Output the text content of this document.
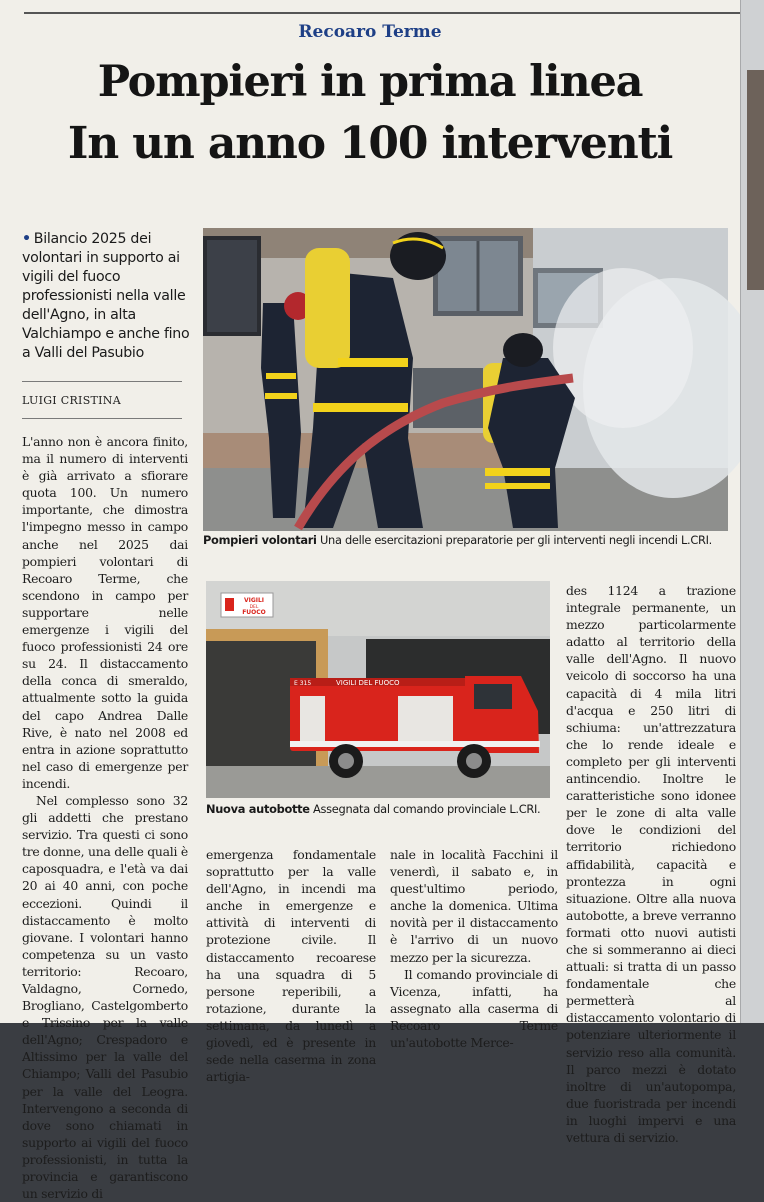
Recoaro Terme
Pompieri in prima linea
In un anno 100 interventi
• Bilancio 2025 dei volontari in supporto ai vigili del fuoco professionisti nella valle dell'Agno, in alta Valchiampo e anche fino a Valli del Pasubio
LUIGI CRISTINA

L'anno non è ancora finito, ma il numero di interventi è già arrivato a sfiorare quota 100. Un numero importante, che dimostra l'impegno messo in campo anche nel 2025 dai pompieri volontari di Recoaro Terme, che scendono in campo per supportare nelle emergenze i vigili del fuoco professionisti 24 ore su 24. Il distaccamento della conca di smeraldo, attualmente sotto la guida del capo Andrea Dalle Rive, è nato nel 2008 ed entra in azione soprattutto nel caso di emergenze per incendi.

Nel complesso sono 32 gli addetti che prestano servizio. Tra questi ci sono tre donne, una delle quali è caposquadra, e l'età va dai 20 ai 40 anni, con poche eccezioni. Quindi il distaccamento è molto giovane. I volontari hanno competenza su un vasto territorio: Recoaro, Valdagno, Cornedo, Brogliano, Castelgomberto e Trissino per la valle dell'Agno; Crespadoro e Altissimo per la valle del Chiampo; Valli del Pasubio per la valle del Leogra. Intervengono a seconda di dove sono chiamati in supporto ai vigili del fuoco professionisti, in tutta la provincia e garantiscono un servizio di

Pompieri volontari Una delle esercitazioni preparatorie per gli interventi negli incendi L.CRI.
VIGILI
DEL
FUOCO
VIGILI DEL FUOCO
E 315
Nuova autobotte Assegnata dal comando provinciale L.CRI.

emergenza fondamentale soprattutto per la valle dell'Agno, in incendi ma anche in emergenze e attività di interventi di protezione civile. Il distaccamento recoarese ha una squadra di 5 persone reperibili, a rotazione, durante la settimana, da lunedì a giovedì, ed è presente in sede nella caserma in zona artigia-

nale in località Facchini il venerdì, il sabato e, in quest'ultimo periodo, anche la domenica. Ultima novità per il distaccamento è l'arrivo di un nuovo mezzo per la sicurezza.

Il comando provinciale di Vicenza, infatti, ha assegnato alla caserma di Recoaro Terme un'autobotte Merce-

des 1124 a trazione integrale permanente, un mezzo particolarmente adatto al territorio della valle dell'Agno. Il nuovo veicolo di soccorso ha una capacità di 4 mila litri d'acqua e 250 litri di schiuma: un'attrezzatura che lo rende ideale e completo per gli interventi antincendio. Inoltre le caratteristiche sono idonee per le zone di alta valle dove le condizioni del territorio richiedono affidabilità, capacità e prontezza in ogni situazione. Oltre alla nuova autobotte, a breve verranno formati otto nuovi autisti che si sommeranno ai dieci attuali: si tratta di un passo fondamentale che permetterà al distaccamento volontario di potenziare ulteriormente il servizio reso alla comunità. Il parco mezzi è dotato inoltre di un'autopompa, due fuoristrada per incendi in luoghi impervi e una vettura di servizio.
